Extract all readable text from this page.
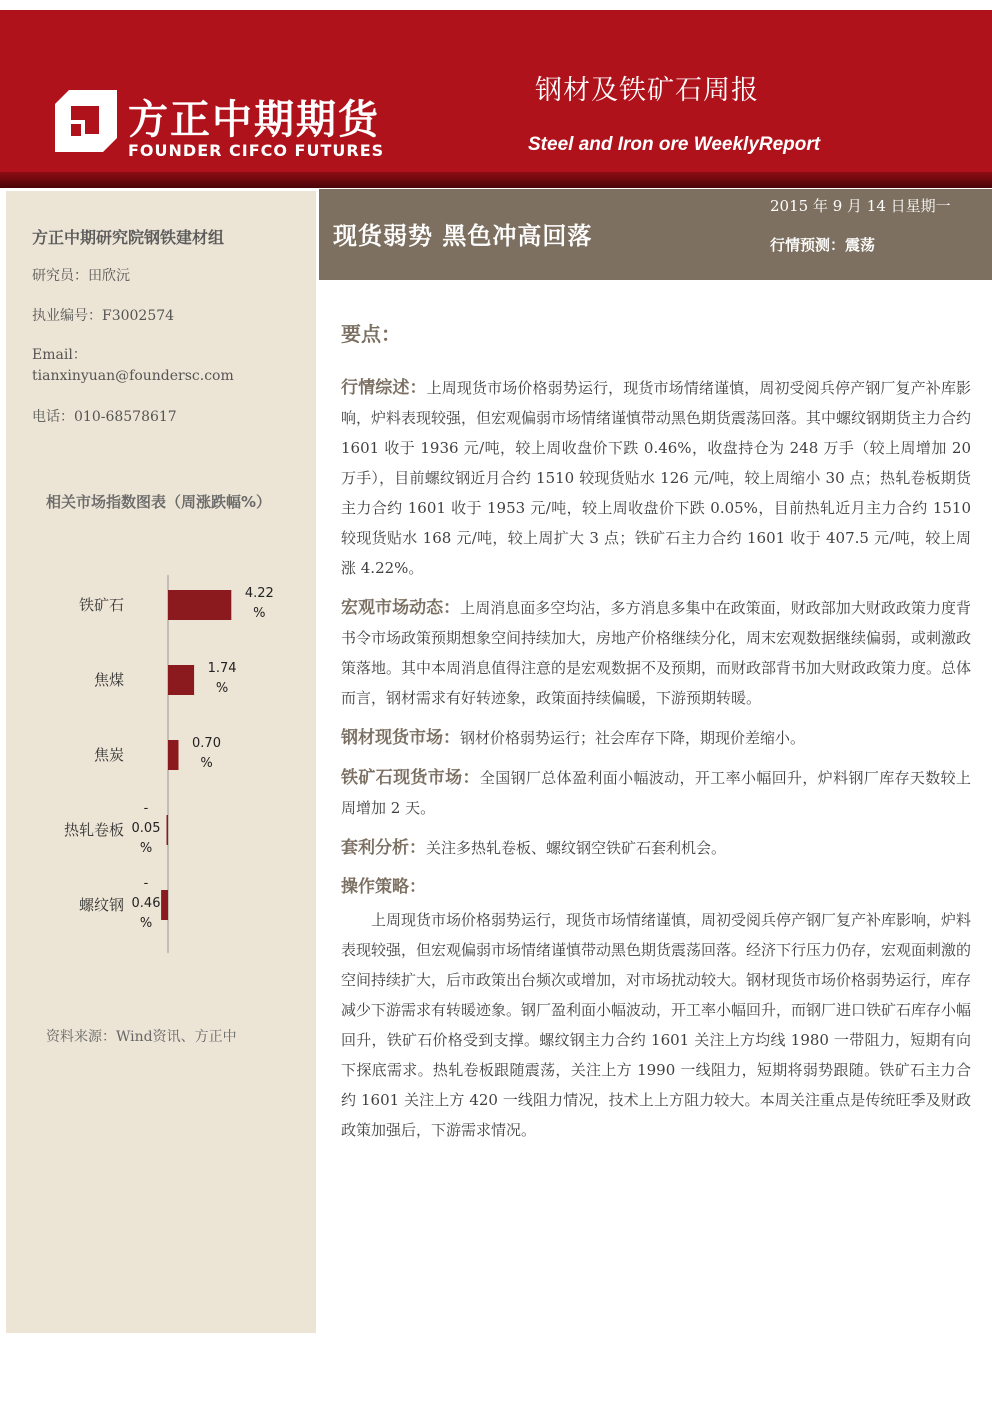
方正中期期货
FOUNDER CIFCO FUTURES
钢材及铁矿石周报
Steel and Iron ore WeeklyReport
方正中期研究院钢铁建材组
研究员：田欣沅
执业编号：F3002574
Email：
tianxinyuan@foundersc.com
电话：010-68578617
相关市场指数图表（周涨跌幅%）
铁矿石
4.22 %
焦煤
1.74 %
焦炭
0.70 %
热轧卷板
-0.05 %
螺纹钢
-0.46 %
资料来源：Wind资讯、方正中
现货弱势 黑色冲高回落
2015 年 9 月 14 日星期一
行情预测：震荡
要点：

行情综述：上周现货市场价格弱势运行，现货市场情绪谨慎，周初受阅兵停产钢厂复产补库影响，炉料表现较强，但宏观偏弱市场情绪谨慎带动黑色期货震荡回落。其中螺纹钢期货主力合约 1601 收于 1936 元/吨，较上周收盘价下跌 0.46%，收盘持仓为 248 万手（较上周增加 20 万手），目前螺纹钢近月合约 1510 较现货贴水 126 元/吨，较上周缩小 30 点；热轧卷板期货主力合约 1601 收于 1953 元/吨，较上周收盘价下跌 0.05%，目前热轧近月主力合约 1510 较现货贴水 168 元/吨，较上周扩大 3 点；铁矿石主力合约 1601 收于 407.5 元/吨，较上周涨 4.22%。

宏观市场动态：上周消息面多空均沾，多方消息多集中在政策面，财政部加大财政政策力度背书令市场政策预期想象空间持续加大，房地产价格继续分化，周末宏观数据继续偏弱，或刺激政策落地。其中本周消息值得注意的是宏观数据不及预期，而财政部背书加大财政政策力度。总体而言，钢材需求有好转迹象，政策面持续偏暖，下游预期转暖。

钢材现货市场：钢材价格弱势运行；社会库存下降，期现价差缩小。

铁矿石现货市场：全国钢厂总体盈利面小幅波动，开工率小幅回升，炉料钢厂库存天数较上周增加 2 天。

套利分析：关注多热轧卷板、螺纹钢空铁矿石套利机会。

操作策略：
上周现货市场价格弱势运行，现货市场情绪谨慎，周初受阅兵停产钢厂复产补库影响，炉料表现较强，但宏观偏弱市场情绪谨慎带动黑色期货震荡回落。经济下行压力仍存，宏观面刺激的空间持续扩大，后市政策出台频次或增加，对市场扰动较大。钢材现货市场价格弱势运行，库存减少下游需求有转暖迹象。钢厂盈利面小幅波动，开工率小幅回升，而钢厂进口铁矿石库存小幅回升，铁矿石价格受到支撑。螺纹钢主力合约 1601 关注上方均线 1980 一带阻力，短期有向下探底需求。热轧卷板跟随震荡，关注上方 1990 一线阻力，短期将弱势跟随。铁矿石主力合约 1601 关注上方 420 一线阻力情况，技术上上方阻力较大。本周关注重点是传统旺季及财政政策加强后，下游需求情况。
